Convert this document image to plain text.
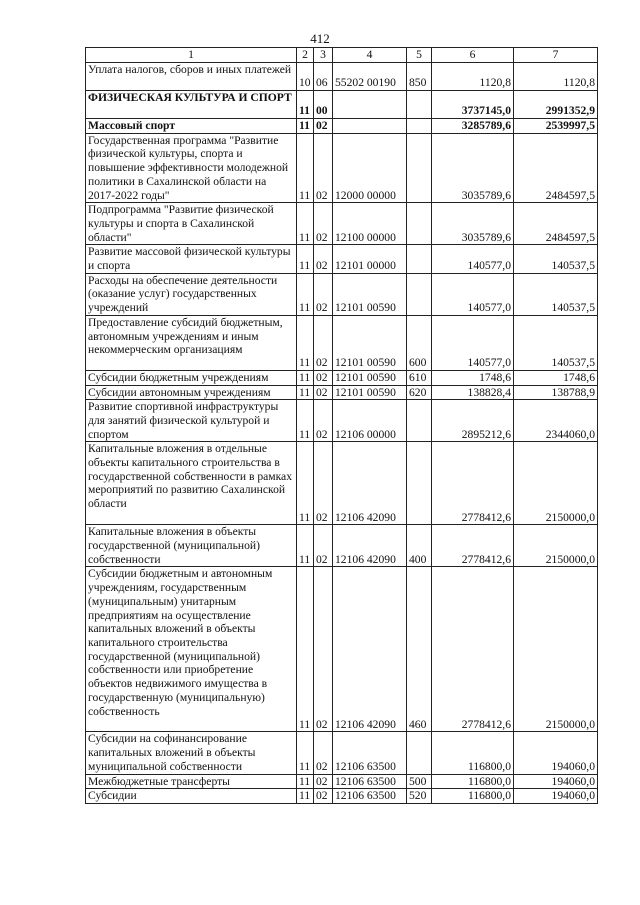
412
1	2	3	4	5	6	7
Уплата налогов, сборов и иных платежей	10	06	55202 00190	850	1120,8	1120,8
ФИЗИЧЕСКАЯ КУЛЬТУРА И СПОРТ	11	00			3737145,0	2991352,9
Массовый спорт	11	02			3285789,6	2539997,5
Государственная программа "Развитие физической культуры, спорта и повышение эффективности молодежной политики в Сахалинской области на 2017-2022 годы"	11	02	12000 00000		3035789,6	2484597,5
Подпрограмма "Развитие физической культуры и спорта в Сахалинской области"	11	02	12100 00000		3035789,6	2484597,5
Развитие массовой физической культуры и спорта	11	02	12101 00000		140577,0	140537,5
Расходы на обеспечение деятельности (оказание услуг) государственных учреждений	11	02	12101 00590		140577,0	140537,5
Предоставление субсидий бюджетным, автономным учреждениям и иным некоммерческим организациям	11	02	12101 00590	600	140577,0	140537,5
Субсидии бюджетным учреждениям	11	02	12101 00590	610	1748,6	1748,6
Субсидии автономным учреждениям	11	02	12101 00590	620	138828,4	138788,9
Развитие спортивной инфраструктуры для занятий физической культурой и спортом	11	02	12106 00000		2895212,6	2344060,0
Капитальные вложения в отдельные объекты капитального строительства в государственной собственности в рамках мероприятий по развитию Сахалинской области	11	02	12106 42090		2778412,6	2150000,0
Капитальные вложения в объекты государственной (муниципальной) собственности	11	02	12106 42090	400	2778412,6	2150000,0
Субсидии бюджетным и автономным учреждениям, государственным (муниципальным) унитарным предприятиям на осуществление капитальных вложений в объекты капитального строительства государственной (муниципальной) собственности или приобретение объектов недвижимого имущества в государственную (муниципальную) собственность	11	02	12106 42090	460	2778412,6	2150000,0
Субсидии на софинансирование капитальных вложений в объекты муниципальной собственности	11	02	12106 63500		116800,0	194060,0
Межбюджетные трансферты	11	02	12106 63500	500	116800,0	194060,0
Субсидии	11	02	12106 63500	520	116800,0	194060,0
